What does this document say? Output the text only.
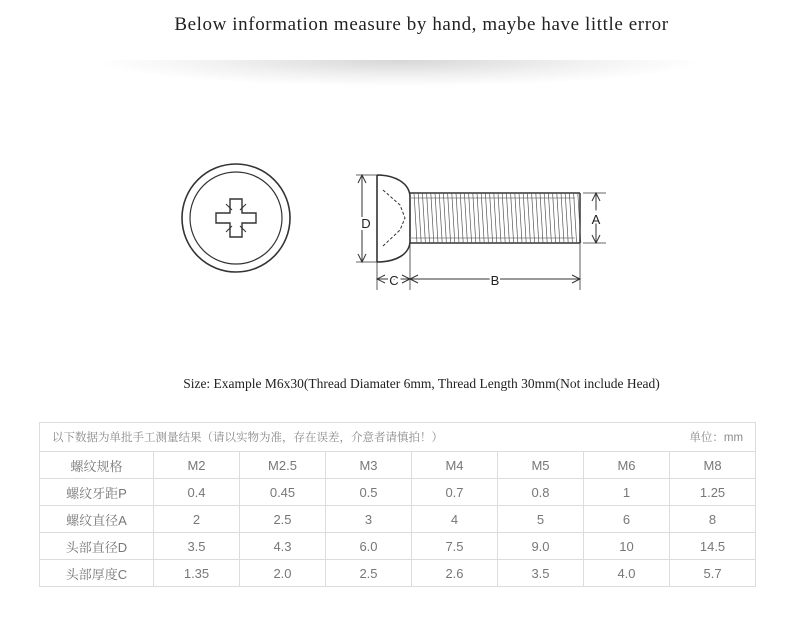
Below information measure by hand, maybe have little error
D	A
C	B
Size: Example M6x30(Thread Diamater 6mm, Thread Length 30mm(Not include Head)
以下数据为单批手工测量结果（请以实物为准，存在误差，介意者请慎拍！） 单位：mm							

螺纹规格	M2	M2.5	M3	M4	M5	M6	M8
螺纹牙距P	0.4	0.45	0.5	0.7	0.8	1	1.25
螺纹直径A	2	2.5	3	4	5	6	8
头部直径D	3.5	4.3	6.0	7.5	9.0	10	14.5
头部厚度C	1.35	2.0	2.5	2.6	3.5	4.0	5.7
